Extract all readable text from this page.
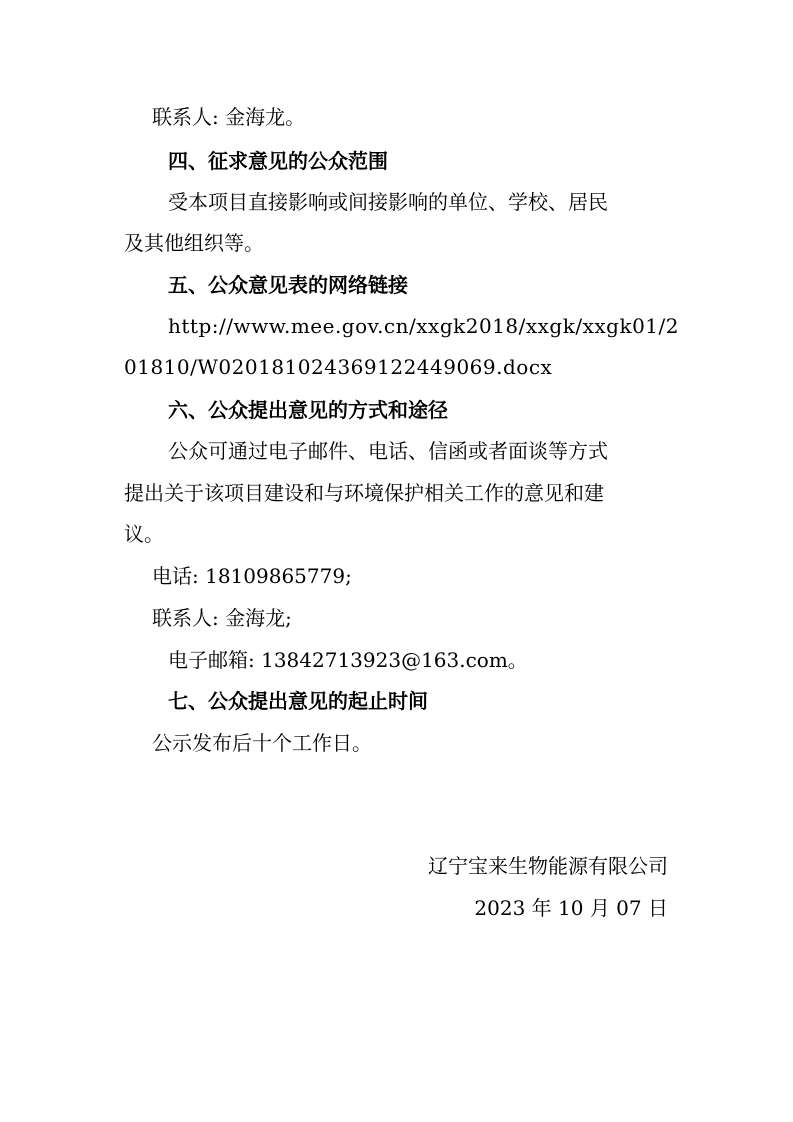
联系人: 金海龙。
四、征求意见的公众范围
受本项目直接影响或间接影响的单位、学校、居民
及其他组织等。
五、公众意见表的网络链接
http://www.mee.gov.cn/xxgk2018/xxgk/xxgk01/2
01810/W020181024369122449069.docx
六、公众提出意见的方式和途径
公众可通过电子邮件、电话、信函或者面谈等方式
提出关于该项目建设和与环境保护相关工作的意见和建
议。
电话: 18109865779;
联系人: 金海龙;
电子邮箱: 13842713923@163.com。
七、公众提出意见的起止时间
公示发布后十个工作日。
辽宁宝来生物能源有限公司
2023 年 10 月 07 日
